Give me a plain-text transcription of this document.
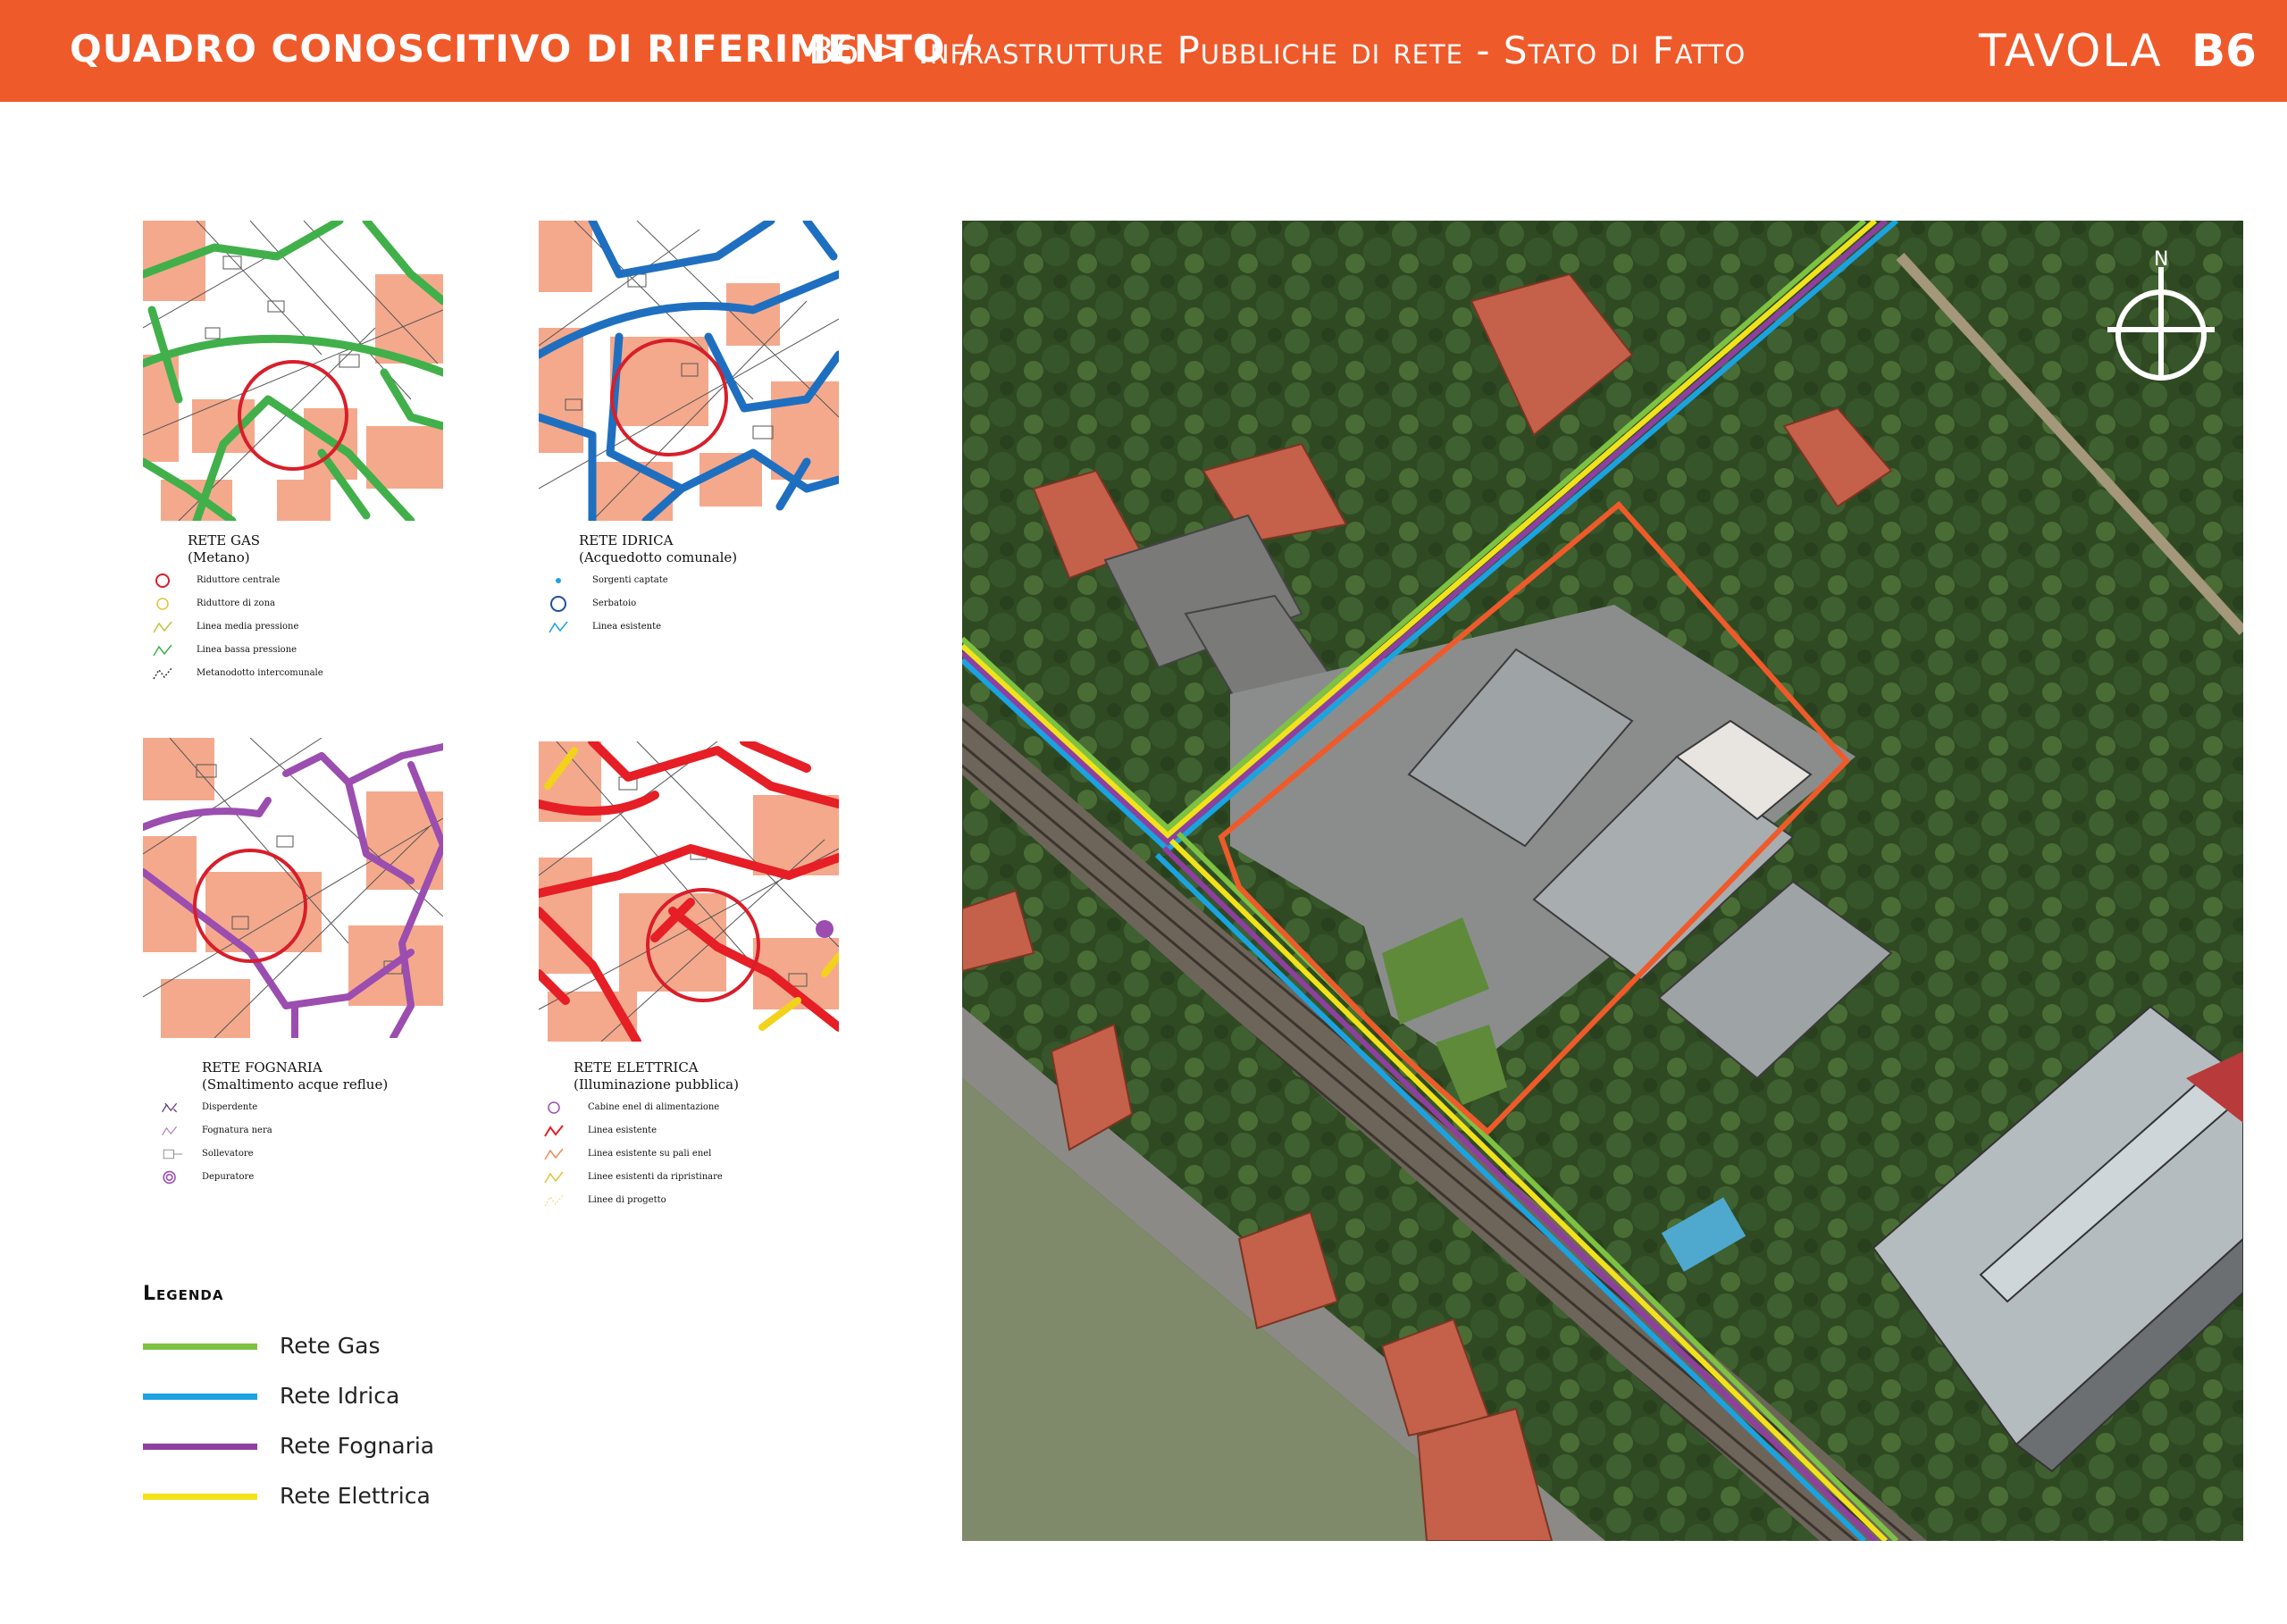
QUADRO CONOSCITIVO DI RIFERIMENTO /
B6 > Infrastrutture Pubbliche di rete - Stato di Fatto	TAVOLA B6
RETE GAS
(Metano)
Riduttore centrale
Riduttore di zona
Linea media pressione
Linea bassa pressione
Metanodotto intercomunale
RETE IDRICA
(Acquedotto comunale)
Sorgenti captate
Serbatoio
Linea esistente
RETE FOGNARIA
(Smaltimento acque reflue)
Disperdente
Fognatura nera
Sollevatore
Depuratore
RETE ELETTRICA
(Illuminazione pubblica)
Cabine enel di alimentazione
Linea esistente
Linea esistente su pali enel
Linee esistenti da ripristinare
Linee di progetto
Legenda
Rete Gas
Rete Idrica
Rete Fognaria
Rete Elettrica
N
